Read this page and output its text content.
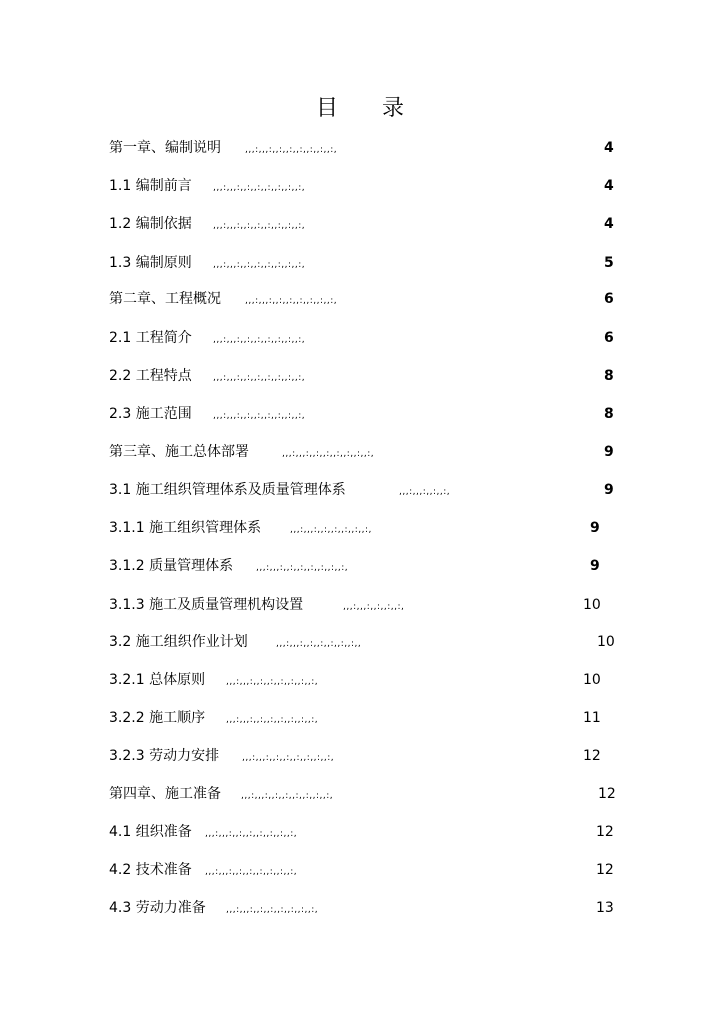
目 录
第一章、编制说明	,,,:,,,:,,:,,:,,:,,:,,:,,:,	4
1.1 编制前言 ,,,:,,,:,,:,,:,,:,,:,,:,,:,	4
1.2 编制依据 ,,,:,,,:,,:,,:,,:,,:,,:,,:,	4
1.3 编制原则 ,,,:,,,:,,:,,:,,:,,:,,:,,:,	5
第二章、工程概况	,,,:,,,:,,:,,:,,:,,:,,:,,:,	6
2.1 工程简介 ,,,:,,,:,,:,,:,,:,,:,,:,,:,	6
2.2 工程特点 ,,,:,,,:,,:,,:,,:,,:,,:,,:,	8
2.3 施工范围 ,,,:,,,:,,:,,:,,:,,:,,:,,:,	8
第三章、施工总体部署	,,,:,,,:,,:,,:,,:,,:,,:,,:,	9
3.1 施工组织管理体系及质量管理体系	,,,:,,,:,,:,,:,	9
3.1.1 施工组织管理体系	,,,:,,,:,,:,,:,,:,,:,,:,	9
3.1.2 质量管理体系	,,,:,,,:,,:,,:,,:,,:,,:,,:,	9
3.1.3 施工及质量管理机构设置	,,,:,,,:,,:,,:,,:,	10
3.2 施工组织作业计划	,,,:,,,:,,:,,:,,:,,:,,:,,	10
3.2.1 总体原则 ,,,:,,,:,,:,,:,,:,,:,,:,,:,	10
3.2.2 施工顺序 ,,,:,,,:,,:,,:,,:,,:,,:,,:,	11
3.2.3 劳动力安排	,,,:,,,:,,:,,:,,:,,:,,:,,:,	12
第四章、施工准备 ,,,:,,,:,,:,,:,,:,,:,,:,,:,	12
4.1 组织准备 ,,,:,,,:,,:,,:,,:,,:,,:,,:,	12
4.2 技术准备 ,,,:,,,:,,:,,:,,:,,:,,:,,:,	12
4.3 劳动力准备 ,,,:,,,:,,:,,:,,:,,:,,:,,:,	13
